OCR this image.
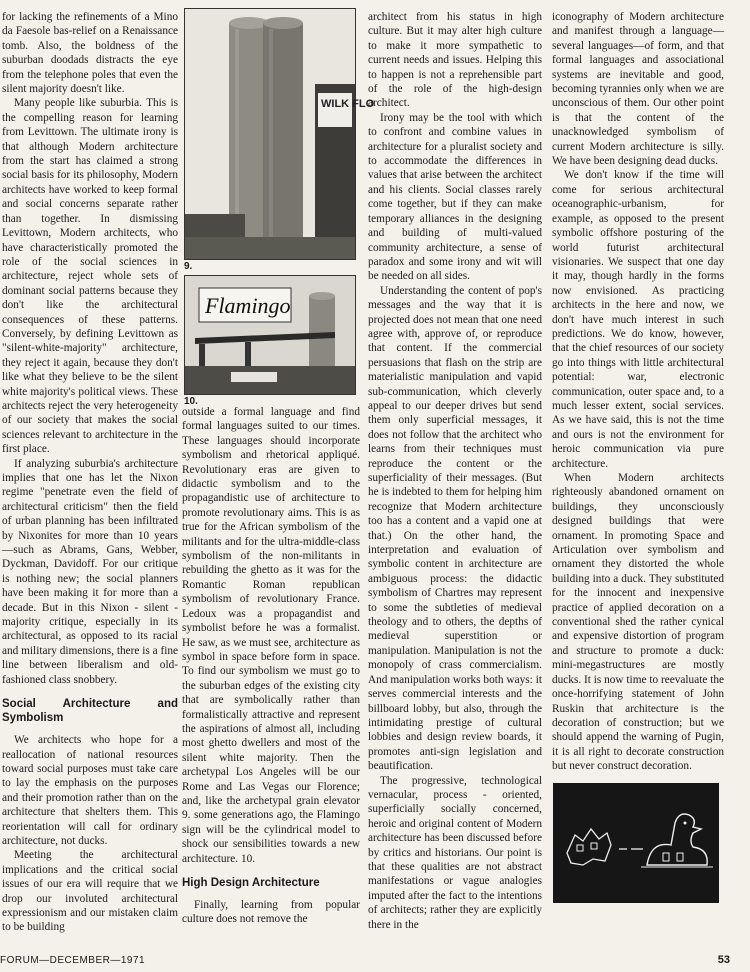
for lacking the refinements of a Mino da Faesole bas-relief on a Renaissance tomb. Also, the boldness of the suburban doodads distracts the eye from the telephone poles that even the silent majority doesn't like.

Many people like suburbia. This is the compelling reason for learning from Levittown. The ultimate irony is that although Modern architecture from the start has claimed a strong social basis for its philosophy, Modern architects have worked to keep formal and social concerns separate rather than together. In dismissing Levittown, Modern architects, who have characteristically promoted the role of the social sciences in architecture, reject whole sets of dominant social patterns because they don't like the architectural consequences of these patterns. Conversely, by defining Levittown as "silent-white-majority" architecture, they reject it again, because they don't like what they believe to be the silent white majority's political views. These architects reject the very heterogeneity of our society that makes the social sciences relevant to architecture in the first place.

If analyzing suburbia's architecture implies that one has let the Nixon regime "penetrate even the field of architectural criticism" then the field of urban planning has been infiltrated by Nixonites for more than 10 years —such as Abrams, Gans, Webber, Dyckman, Davidoff. For our critique is nothing new; the social planners have been making it for more than a decade. But in this Nixon - silent - majority critique, especially in its architectural, as opposed to its racial and military dimensions, there is a fine line between liberalism and old-fashioned class snobbery.

Social Architecture and Symbolism

We architects who hope for a reallocation of national resources toward social purposes must take care to lay the emphasis on the purposes and their promotion rather than on the architecture that shelters them. This reorientation will call for ordinary architecture, not ducks.

Meeting the architectural implications and the critical social issues of our era will require that we drop our involuted architectural expressionism and our mistaken claim to be building

WILK FLO
9.
Flamingo
10.

outside a formal language and find formal languages suited to our times. These languages should incorporate symbolism and rhetorical appliqué. Revolutionary eras are given to didactic symbolism and to the propagandistic use of architecture to promote revolutionary aims. This is as true for the African symbolism of the militants and for the ultra-middle-class symbolism of the non-militants in rebuilding the ghetto as it was for the Romantic Roman republican symbolism of revolutionary France. Ledoux was a propagandist and symbolist before he was a formalist. He saw, as we must see, architecture as symbol in space before form in space. To find our symbolism we must go to the suburban edges of the existing city that are symbolically rather than formalistically attractive and represent the aspirations of almost all, including most ghetto dwellers and most of the silent white majority. Then the archetypal Los Angeles will be our Rome and Las Vegas our Florence; and, like the archetypal grain elevator 9. some generations ago, the Flamingo sign will be the cylindrical model to shock our sensibilities towards a new architecture. 10.

High Design Architecture

Finally, learning from popular culture does not remove the

architect from his status in high culture. But it may alter high culture to make it more sympathetic to current needs and issues. Helping this to happen is not a reprehensible part of the role of the high-design architect.

Irony may be the tool with which to confront and combine values in architecture for a pluralist society and to accommodate the differences in values that arise between the architect and his clients. Social classes rarely come together, but if they can make temporary alliances in the designing and building of multi-valued community architecture, a sense of paradox and some irony and wit will be needed on all sides.

Understanding the content of pop's messages and the way that it is projected does not mean that one need agree with, approve of, or reproduce that content. If the commercial persuasions that flash on the strip are materialistic manipulation and vapid sub-communication, which cleverly appeal to our deeper drives but send them only superficial messages, it does not follow that the architect who learns from their techniques must reproduce the content or the superficiality of their messages. (But he is indebted to them for helping him recognize that Modern architecture too has a content and a vapid one at that.) On the other hand, the interpretation and evaluation of symbolic content in architecture are ambiguous process: the didactic symbolism of Chartres may represent to some the subtleties of medieval theology and to others, the depths of medieval superstition or manipulation. Manipulation is not the monopoly of crass commercialism. And manipulation works both ways: it serves commercial interests and the billboard lobby, but also, through the intimidating prestige of cultural lobbies and design review boards, it promotes anti-sign legislation and beautification.

The progressive, technological vernacular, process - oriented, superficially socially concerned, heroic and original content of Modern architecture has been discussed before by critics and historians. Our point is that these qualities are not abstract manifestations or vague analogies imputed after the fact to the intentions of architects; rather they are explicitly there in the

iconography of Modern architecture and manifest through a language—several languages—of form, and that formal languages and associational systems are inevitable and good, becoming tyrannies only when we are unconscious of them. Our other point is that the content of the unacknowledged symbolism of current Modern architecture is silly. We have been designing dead ducks.

We don't know if the time will come for serious architectural oceanographic-urbanism, for example, as opposed to the present symbolic offshore posturing of the world futurist architectural visionaries. We suspect that one day it may, though hardly in the forms now envisioned. As practicing architects in the here and now, we don't have much interest in such predictions. We do know, however, that the chief resources of our society go into things with little architectural potential: war, electronic communication, outer space and, to a much lesser extent, social services. As we have said, this is not the time and ours is not the environment for heroic communication via pure architecture.

When Modern architects righteously abandoned ornament on buildings, they unconsciously designed buildings that were ornament. In promoting Space and Articulation over symbolism and ornament they distorted the whole building into a duck. They substituted for the innocent and inexpensive practice of applied decoration on a conventional shed the rather cynical and expensive distortion of program and structure to promote a duck: mini-megastructures are mostly ducks. It is now time to reevaluate the once-horrifying statement of John Ruskin that architecture is the decoration of construction; but we should append the warning of Pugin, it is all right to decorate construction but never construct decoration.

FORUM—DECEMBER—1971	53
